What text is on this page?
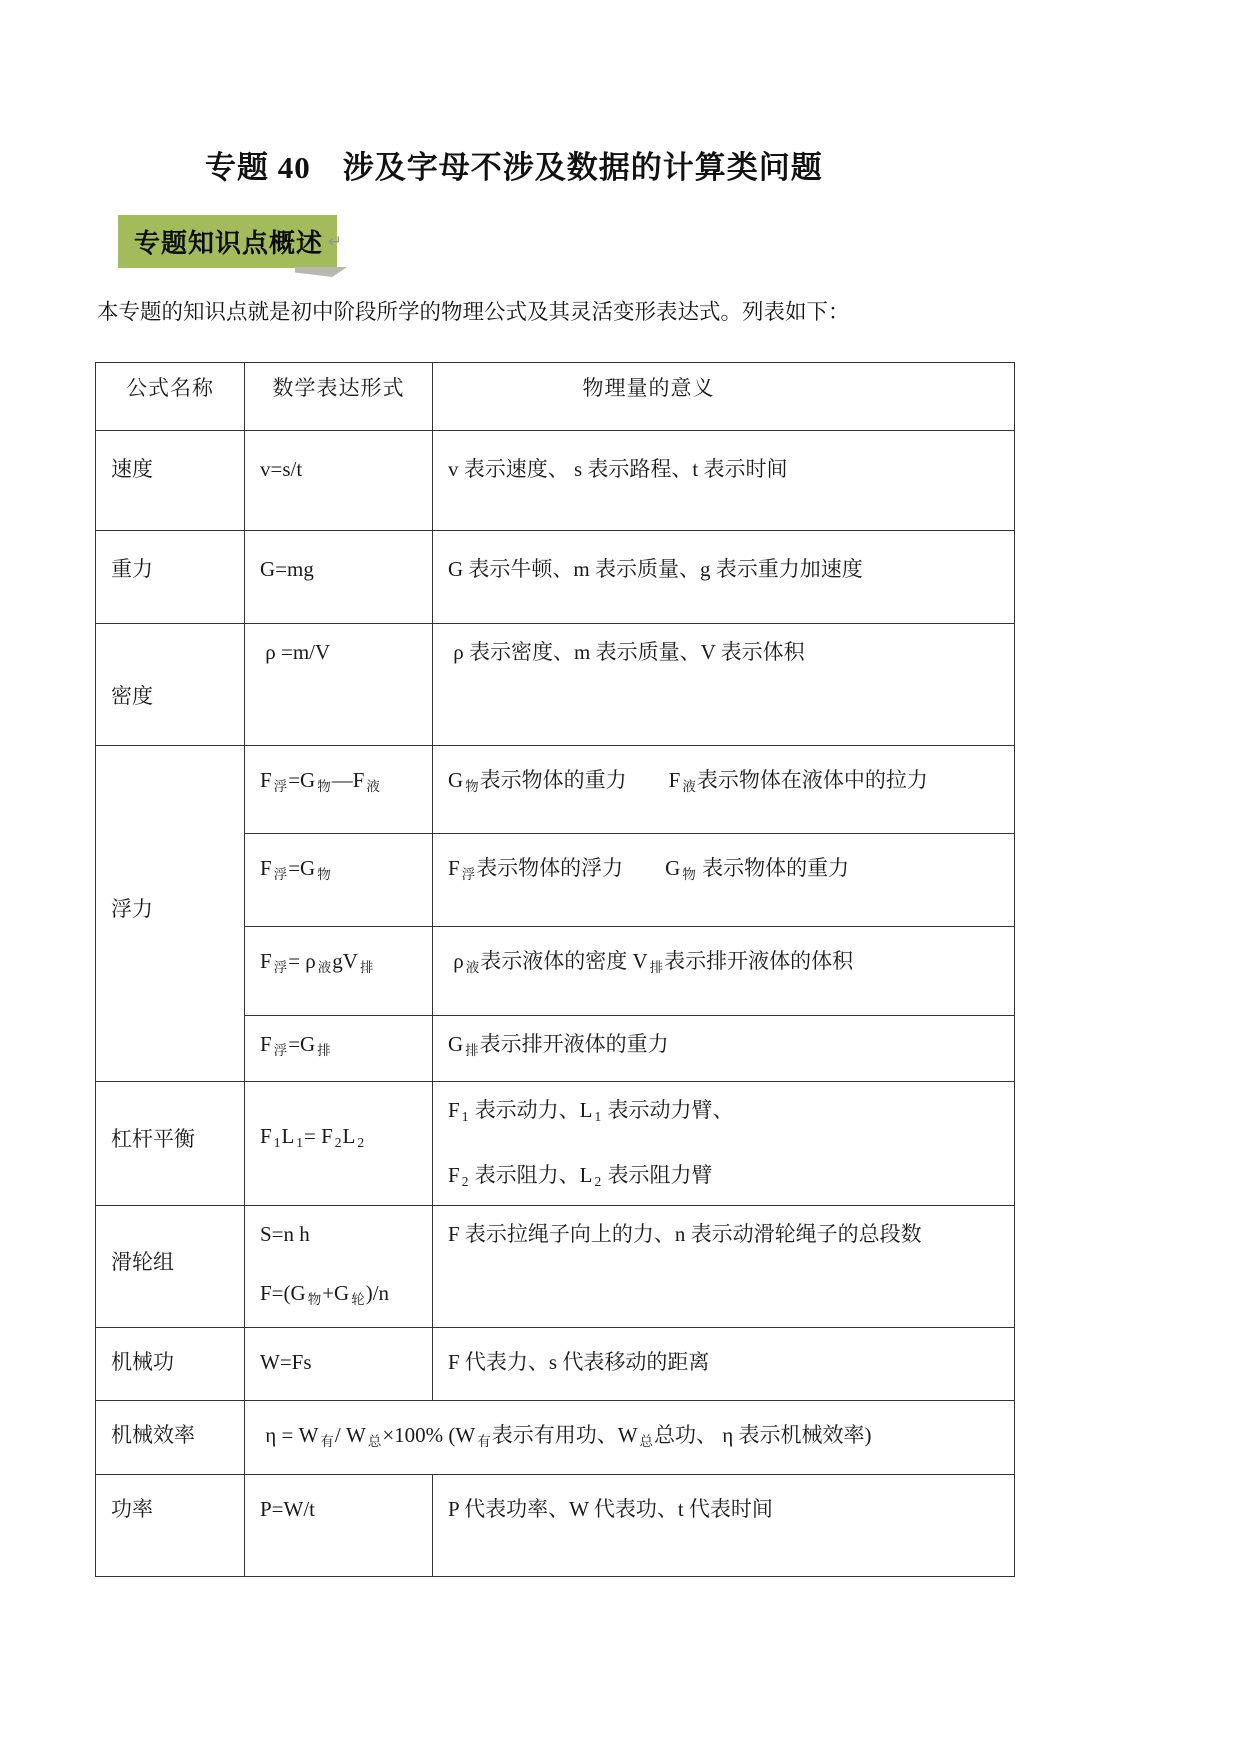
专题 40　涉及字母不涉及数据的计算类问题
专题知识点概述 ↵
本专题的知识点就是初中阶段所学的物理公式及其灵活变形表达式。列表如下：
公式名称	数学表达形式	物理量的意义
速度	v=s/t	v 表示速度、 s 表示路程、t 表示时间

重力	G=mg	G 表示牛顿、m 表示质量、g 表示重力加速度

密度	ρ =m/V	ρ 表示密度、m 表示质量、V 表示体积

浮力	F浮=G 物—F 液	G物表示物体的重力　　F 液表示物体在液体中的拉力

	F浮=G 物	F浮表示物体的浮力　　G 物 表示物体的重力

	F浮= ρ 液gV 排	ρ液表示液体的密度 V 排表示排开液体的体积

	F浮=G 排	G排表示排开液体的重力

杠杆平衡	F 1L 1= F 2L 2	F 1 表示动力、L 1 表示动力臂、
F 2 表示阻力、L 2 表示阻力臂

滑轮组	S=n h
F=(G 物+G 轮)/n	F 表示拉绳子向上的力、n 表示动滑轮绳子的总段数

机械功	W=Fs	F 代表力、s 代表移动的距离

机械效率	η = W 有/ W 总×100% (W 有表示有用功、W 总总功、 η 表示机械效率)	

功率	P=W/t	P 代表功率、W 代表功、t 代表时间
